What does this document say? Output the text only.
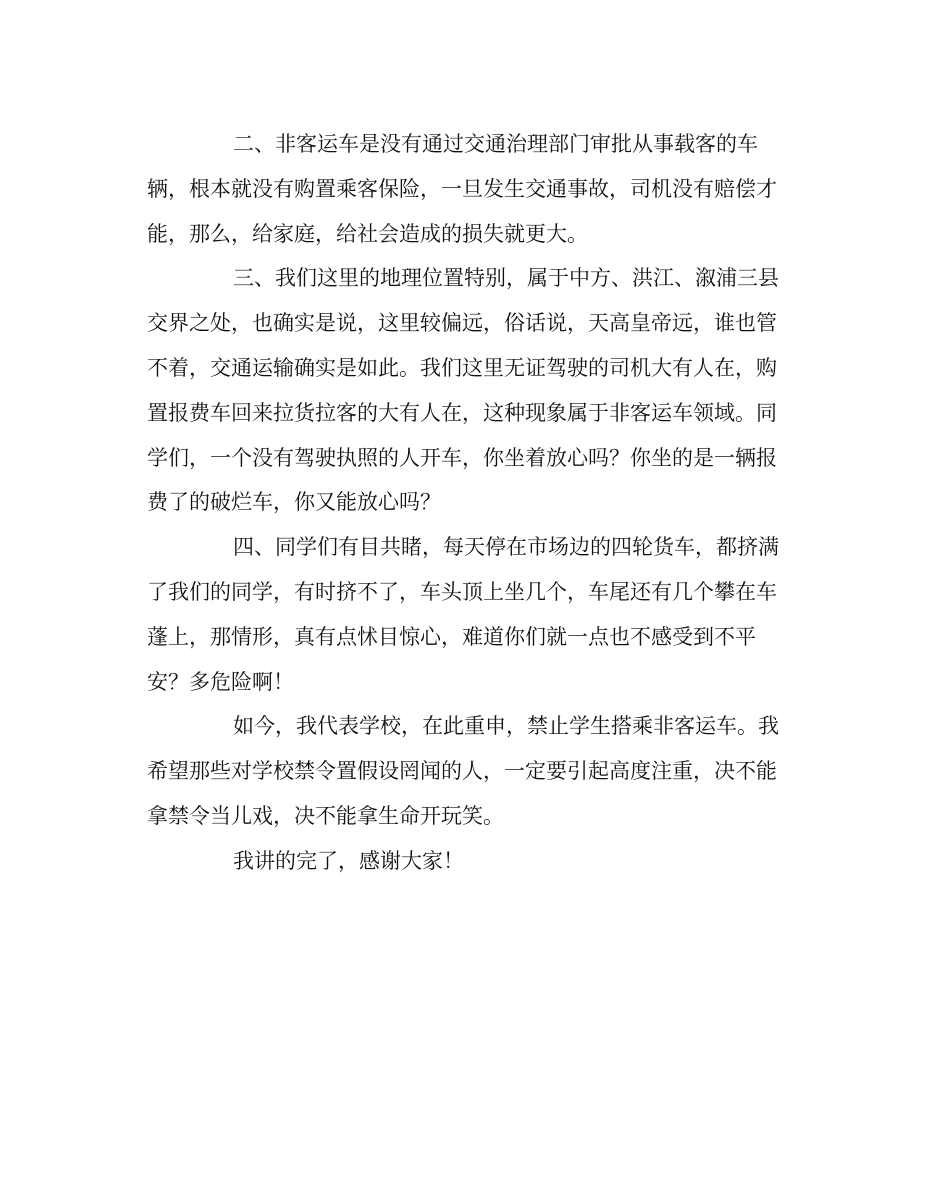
二、非客运车是没有通过交通治理部门审批从事载客的车
辆，根本就没有购置乘客保险，一旦发生交通事故，司机没有赔偿才
能，那么，给家庭，给社会造成的损失就更大。
三、我们这里的地理位置特别，属于中方、洪江、溆浦三县
交界之处，也确实是说，这里较偏远，俗话说，天高皇帝远，谁也管
不着，交通运输确实是如此。我们这里无证驾驶的司机大有人在，购
置报费车回来拉货拉客的大有人在，这种现象属于非客运车领域。同
学们，一个没有驾驶执照的人开车，你坐着放心吗？你坐的是一辆报
费了的破烂车，你又能放心吗？
四、同学们有目共睹，每天停在市场边的四轮货车，都挤满
了我们的同学，有时挤不了，车头顶上坐几个，车尾还有几个攀在车
蓬上，那情形，真有点怵目惊心，难道你们就一点也不感受到不平
安？多危险啊！
如今，我代表学校，在此重申，禁止学生搭乘非客运车。我
希望那些对学校禁令置假设罔闻的人，一定要引起高度注重，决不能
拿禁令当儿戏，决不能拿生命开玩笑。
我讲的完了，感谢大家！
